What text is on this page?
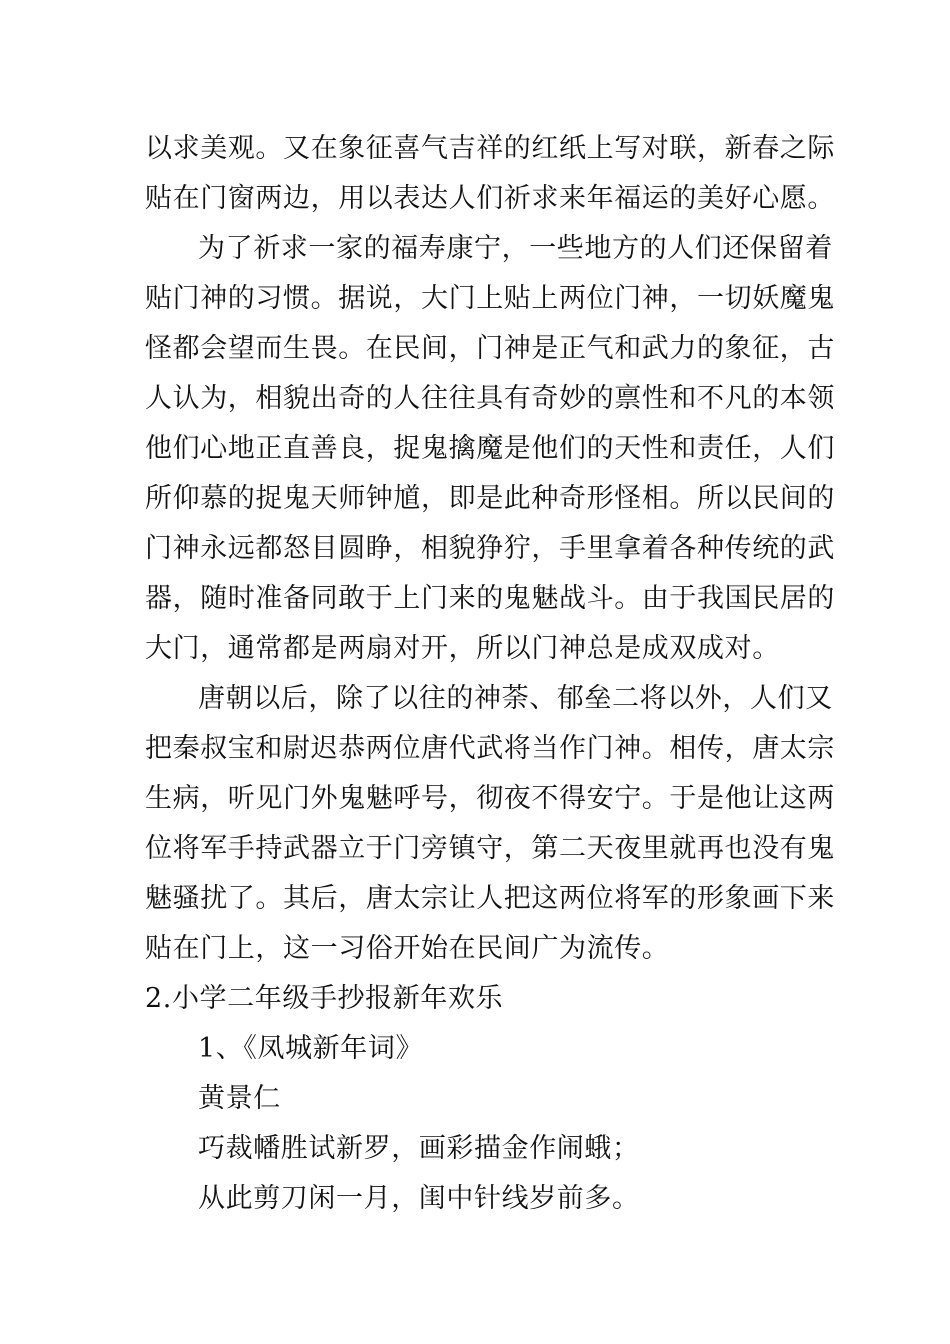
以求美观。又在象征喜气吉祥的红纸上写对联，新春之际
贴在门窗两边，用以表达人们祈求来年福运的美好心愿。
为了祈求一家的福寿康宁，一些地方的人们还保留着
贴门神的习惯。据说，大门上贴上两位门神，一切妖魔鬼
怪都会望而生畏。在民间，门神是正气和武力的象征，古
人认为，相貌出奇的人往往具有奇妙的禀性和不凡的本领
他们心地正直善良，捉鬼擒魔是他们的天性和责任，人们
所仰慕的捉鬼天师钟馗，即是此种奇形怪相。所以民间的
门神永远都怒目圆睁，相貌狰狞，手里拿着各种传统的武
器，随时准备同敢于上门来的鬼魅战斗。由于我国民居的
大门，通常都是两扇对开，所以门神总是成双成对。
唐朝以后，除了以往的神荼、郁垒二将以外，人们又
把秦叔宝和尉迟恭两位唐代武将当作门神。相传，唐太宗
生病，听见门外鬼魅呼号，彻夜不得安宁。于是他让这两
位将军手持武器立于门旁镇守，第二天夜里就再也没有鬼
魅骚扰了。其后，唐太宗让人把这两位将军的形象画下来
贴在门上，这一习俗开始在民间广为流传。
2.小学二年级手抄报新年欢乐
1、《凤城新年词》
黄景仁
巧裁幡胜试新罗，画彩描金作闹蛾；
从此剪刀闲一月，闺中针线岁前多。
